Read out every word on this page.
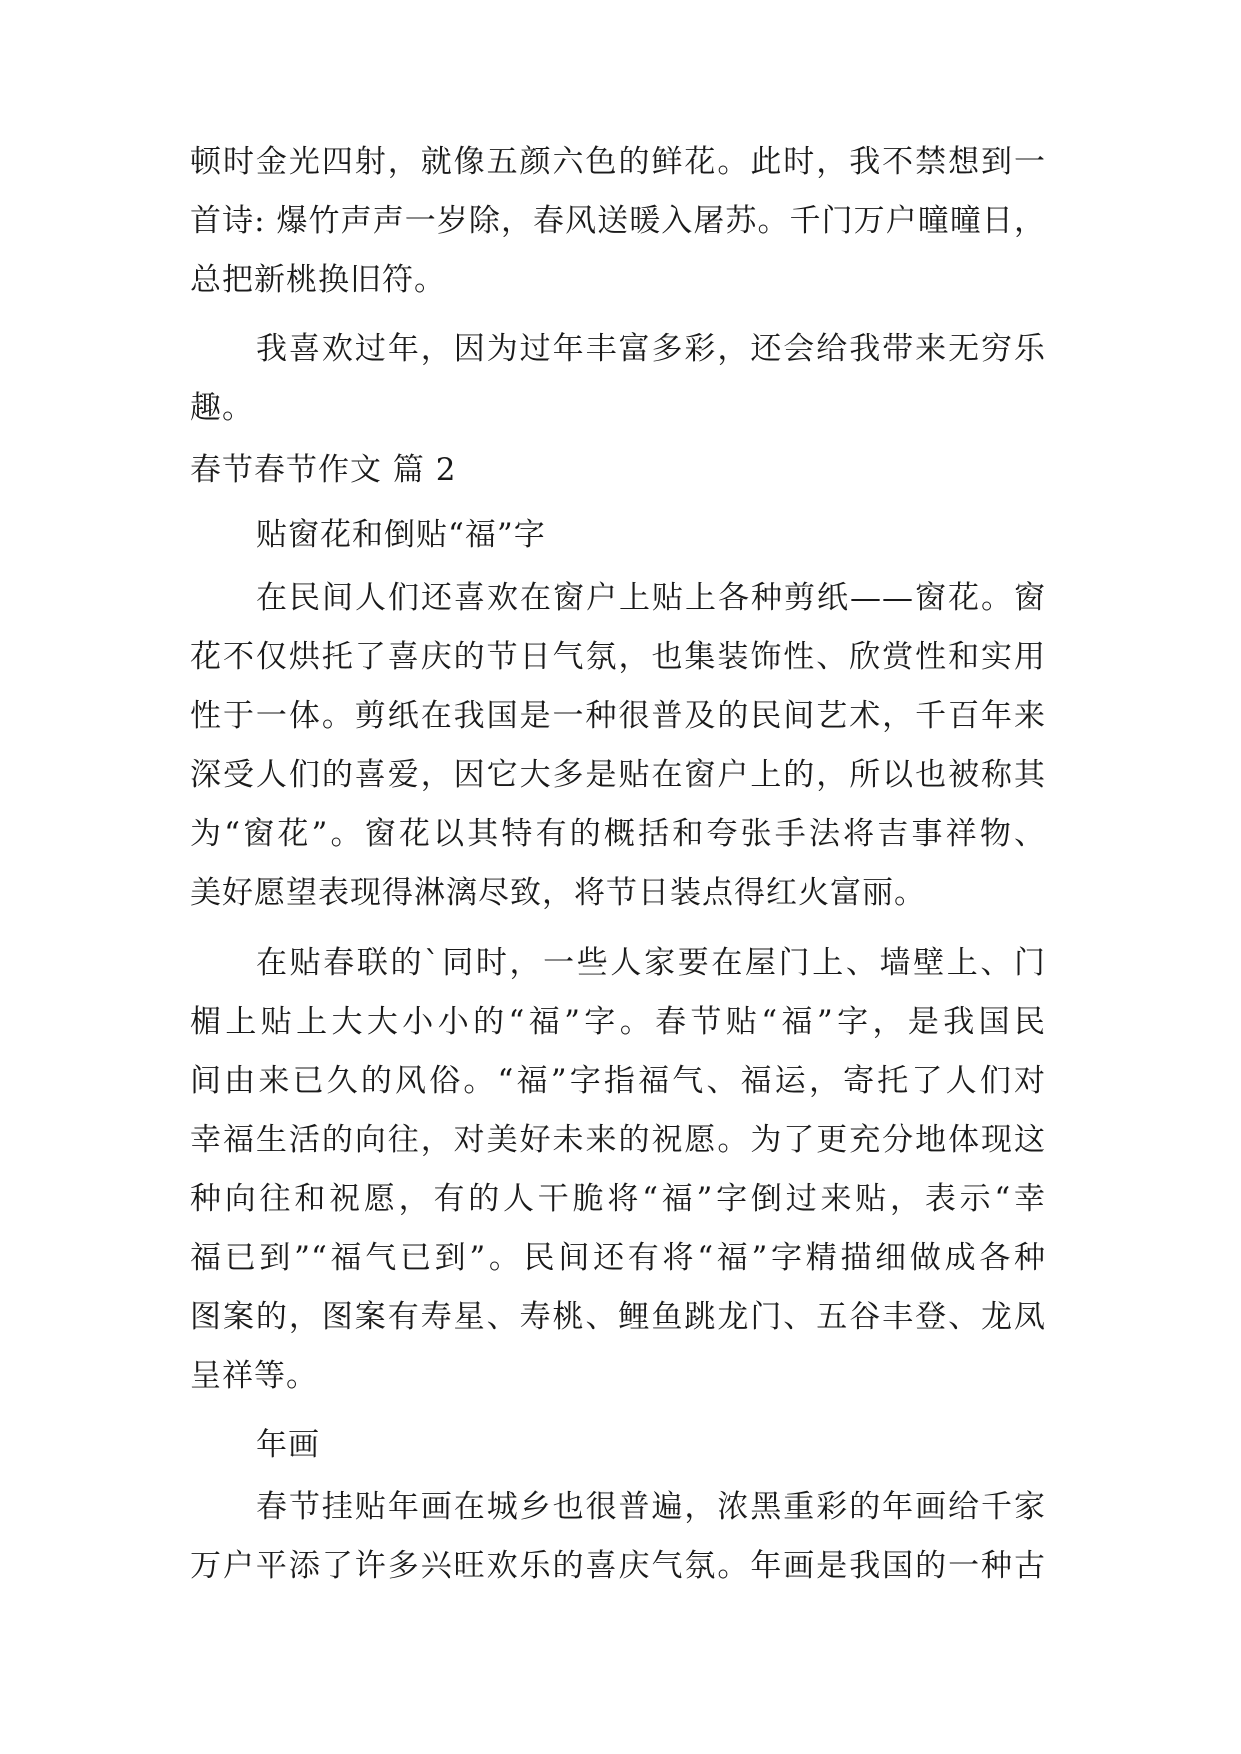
顿时金光四射，就像五颜六色的鲜花。此时，我不禁想到一
首诗: 爆竹声声一岁除，春风送暖入屠苏。千门万户曈曈日，
总把新桃换旧符。
我喜欢过年，因为过年丰富多彩，还会给我带来无穷乐
趣。
春节春节作文 篇 2
贴窗花和倒贴“福”字
在民间人们还喜欢在窗户上贴上各种剪纸——窗花。窗
花不仅烘托了喜庆的节日气氛，也集装饰性、欣赏性和实用
性于一体。剪纸在我国是一种很普及的民间艺术，千百年来
深受人们的喜爱，因它大多是贴在窗户上的，所以也被称其
为“窗花”。窗花以其特有的概括和夸张手法将吉事祥物、
美好愿望表现得淋漓尽致，将节日装点得红火富丽。
在贴春联的`同时，一些人家要在屋门上、墙壁上、门
楣上贴上大大小小的“福”字。春节贴“福”字，是我国民
间由来已久的风俗。“福”字指福气、福运，寄托了人们对
幸福生活的向往，对美好未来的祝愿。为了更充分地体现这
种向往和祝愿，有的人干脆将“福”字倒过来贴，表示“幸
福已到”“福气已到”。民间还有将“福”字精描细做成各种
图案的，图案有寿星、寿桃、鲤鱼跳龙门、五谷丰登、龙凤
呈祥等。
年画
春节挂贴年画在城乡也很普遍，浓黑重彩的年画给千家
万户平添了许多兴旺欢乐的喜庆气氛。年画是我国的一种古
